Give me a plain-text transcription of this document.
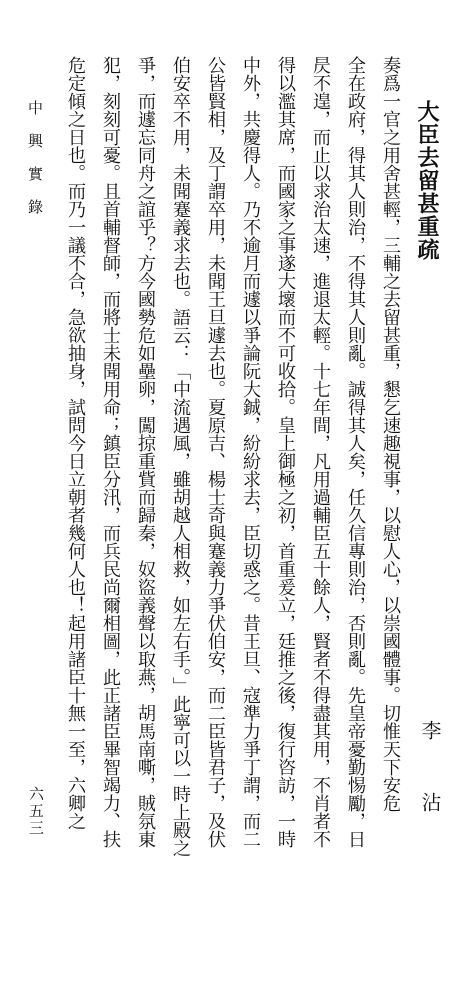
大臣去留甚重疏
李 沾
奏爲一官之用舍甚輕，三輔之去留甚重，懇乞速趣視事，以慰人心，以崇國體事。切惟天下安危
全在政府，得其人則治，不得其人則亂。誠得其人矣，任久信專則治，否則亂。先皇帝憂勤惕勵，日
昃不遑，而止以求治太速，進退太輕。十七年間，凡用過輔臣五十餘人，賢者不得盡其用，不肖者不
得以濫其席，而國家之事遂大壞而不可收拾。皇上御極之初，首重爰立，廷推之後，復行咨訪，一時
中外，共慶得人。乃不逾月而遽以爭論阮大鋮，紛紛求去，臣切惑之。昔王旦、寇準力爭丁謂，而二
公皆賢相，及丁謂卒用，未聞王旦遽去也。夏原吉、楊士奇與蹇義力爭伏伯安，而二臣皆君子，及伏
伯安卒不用，未聞蹇義求去也。語云：「中流遇風，雖胡越人相救，如左右手。」此寧可以一時上殿之
爭，而遽忘同舟之誼乎？方今國勢危如壘卵，闖掠重貲而歸秦，奴盜義聲以取燕，胡馬南嘶，賊氛東
犯，刻刻可憂。且首輔督師，而將士未聞用命；鎮臣分汛，而兵民尚爾相圖，此正諸臣畢智竭力、扶
危定傾之日也。而乃一議不合，急欲抽身，試問今日立朝者幾何人也！起用諸臣十無一至，六卿之
中興實錄
六五三
